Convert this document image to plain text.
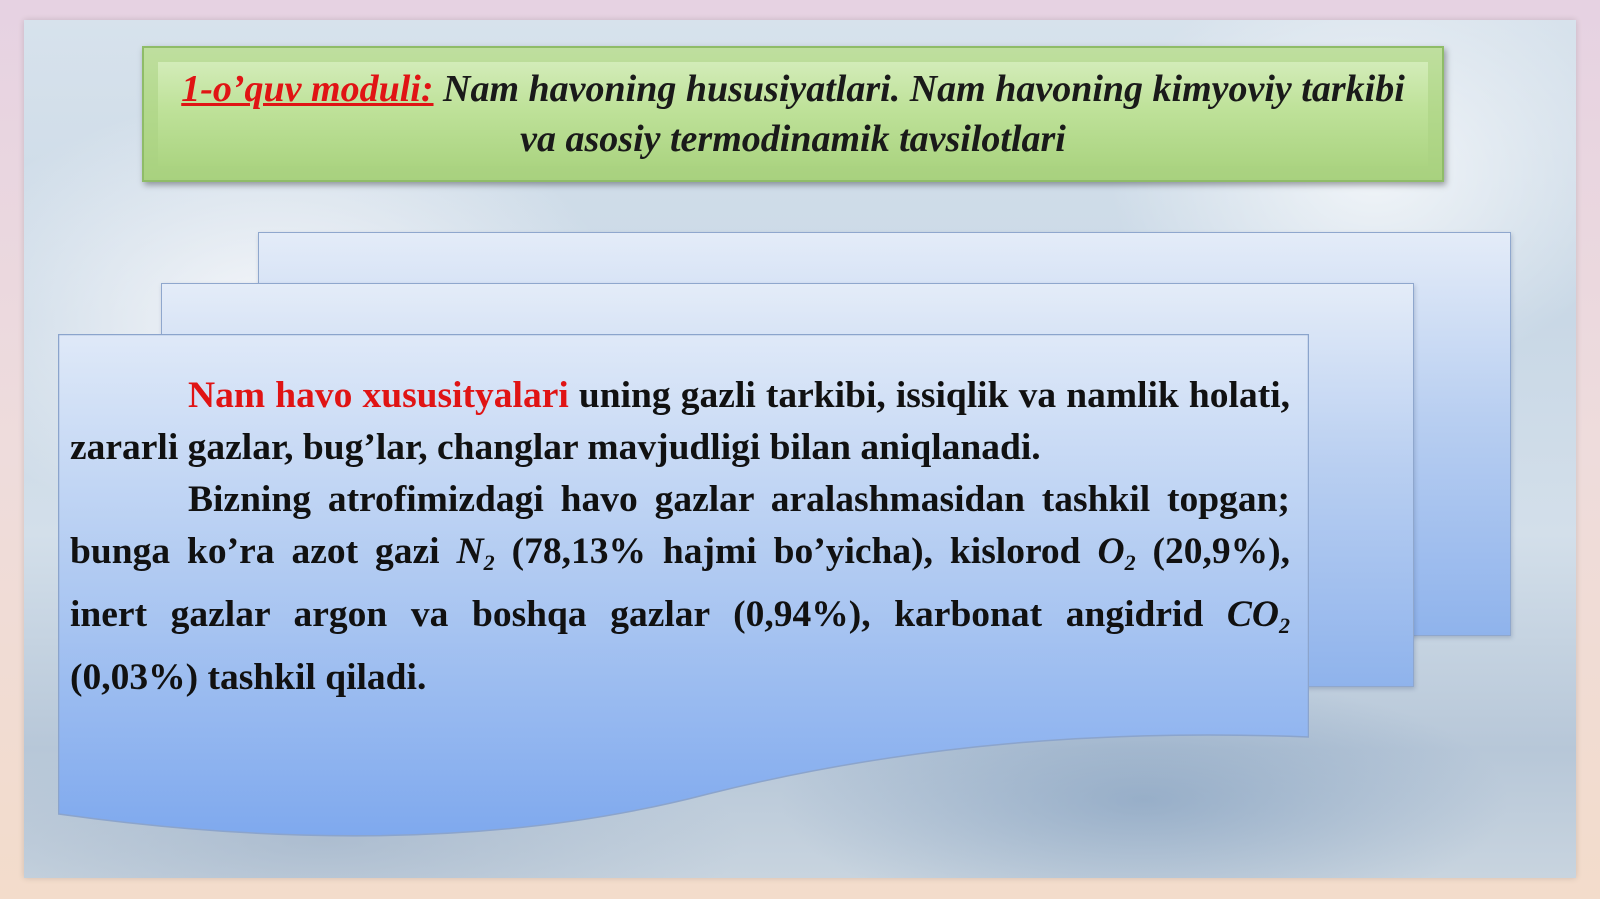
1-o’quv moduli: Nam havoning hususiyatlari. Nam havoning kimyoviy tarkibi va asosiy termodinamik tavsilotlari

Nam havo xususityalari uning gazli tarkibi, issiqlik va namlik holati, zararli gazlar, bug’lar, changlar mavjudligi bilan aniqlanadi.

Bizning atrofimizdagi havo gazlar aralashmasidan tashkil topgan; bunga ko’ra azot gazi $N_2$ (78,13% hajmi bo’yicha), kislorod $O_2$ (20,9%), inert gazlar argon va boshqa gazlar (0,94%), karbonat angidrid $CO_2$ (0,03%) tashkil qiladi.
